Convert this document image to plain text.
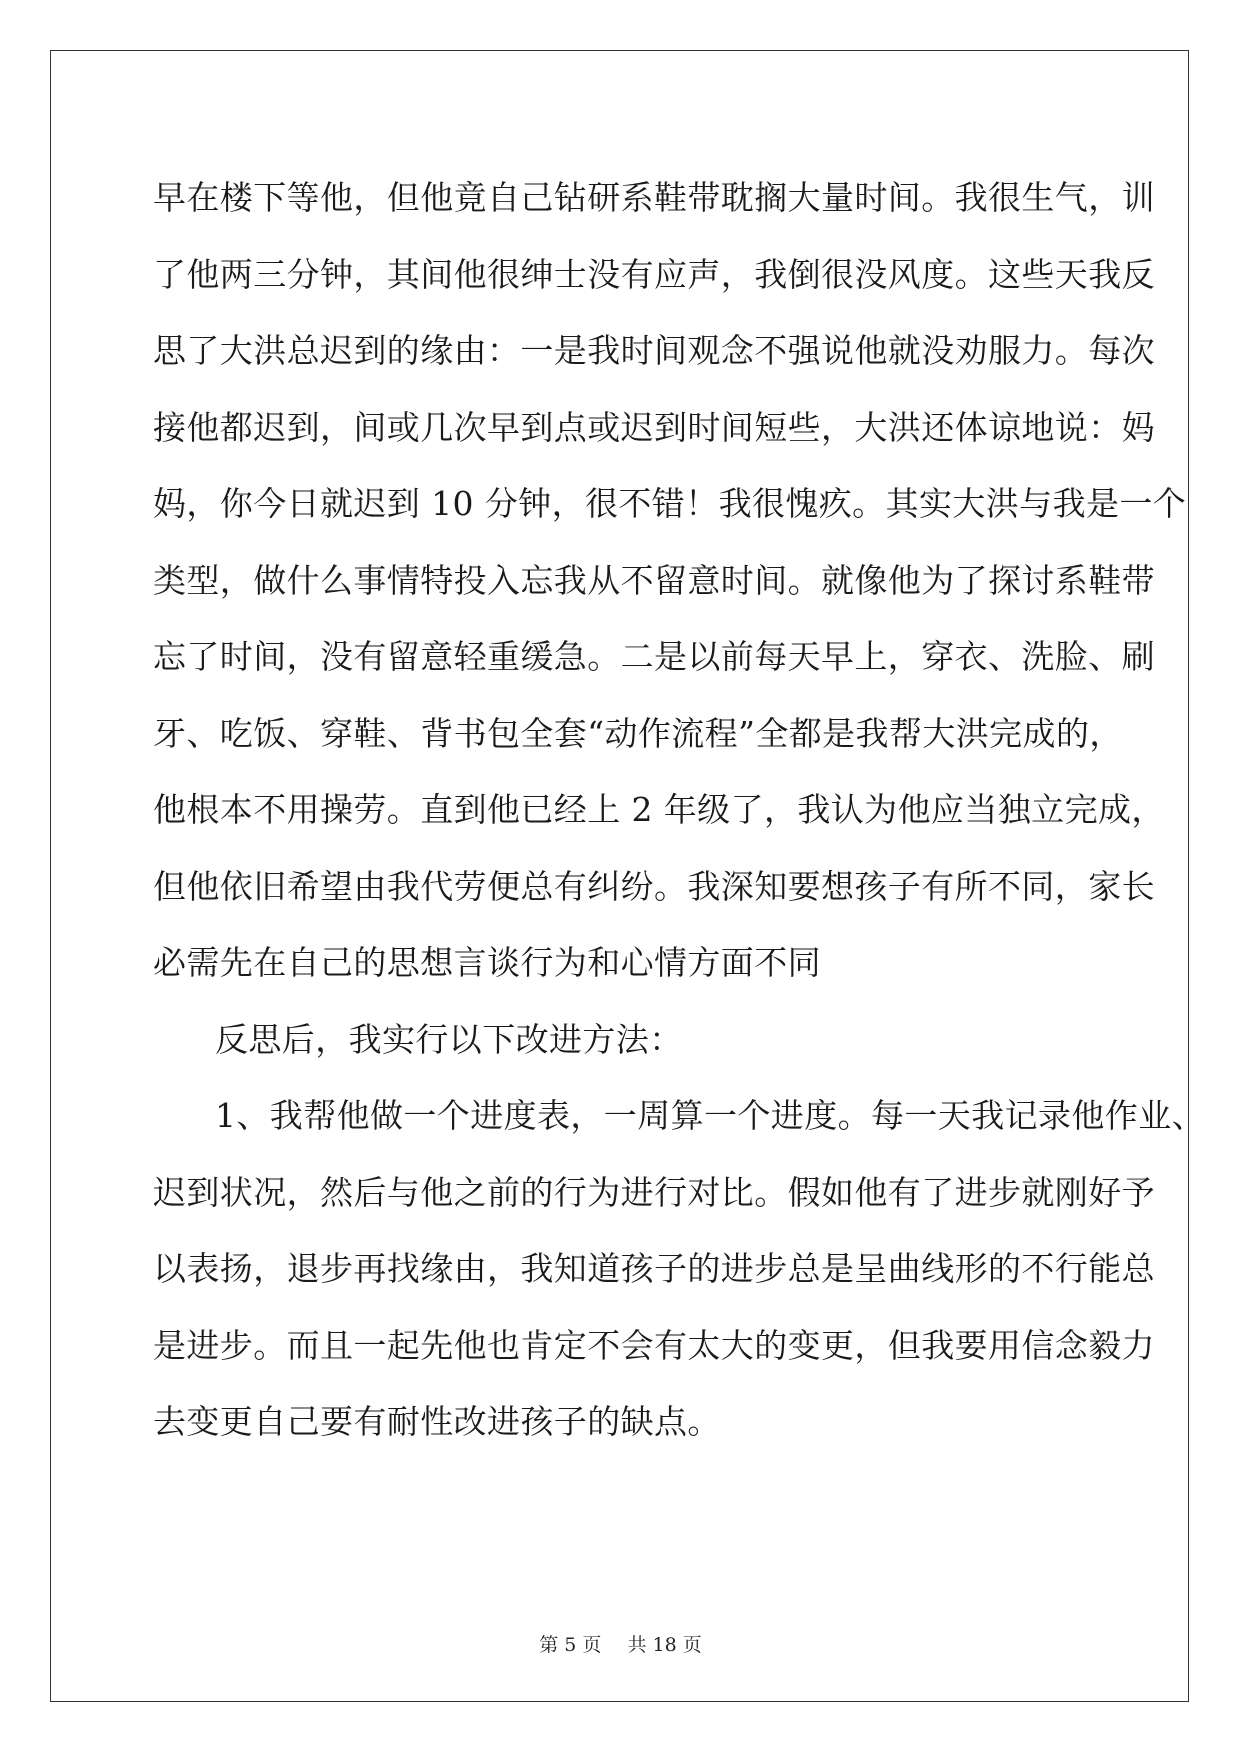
早在楼下等他，但他竟自己钻研系鞋带耽搁大量时间。我很生气，训
了他两三分钟，其间他很绅士没有应声，我倒很没风度。这些天我反
思了大洪总迟到的缘由：一是我时间观念不强说他就没劝服力。每次
接他都迟到，间或几次早到点或迟到时间短些，大洪还体谅地说：妈
妈，你今日就迟到 10 分钟，很不错！我很愧疚。其实大洪与我是一个
类型，做什么事情特投入忘我从不留意时间。就像他为了探讨系鞋带
忘了时间，没有留意轻重缓急。二是以前每天早上，穿衣、洗脸、刷
牙、吃饭、穿鞋、背书包全套“动作流程”全都是我帮大洪完成的，
他根本不用操劳。直到他已经上 2 年级了，我认为他应当独立完成，
但他依旧希望由我代劳便总有纠纷。我深知要想孩子有所不同，家长
必需先在自己的思想言谈行为和心情方面不同
反思后，我实行以下改进方法：
1、我帮他做一个进度表，一周算一个进度。每一天我记录他作业、
迟到状况，然后与他之前的行为进行对比。假如他有了进步就刚好予
以表扬，退步再找缘由，我知道孩子的进步总是呈曲线形的不行能总
是进步。而且一起先他也肯定不会有太大的变更，但我要用信念毅力
去变更自己要有耐性改进孩子的缺点。
第 5 页 共 18 页
